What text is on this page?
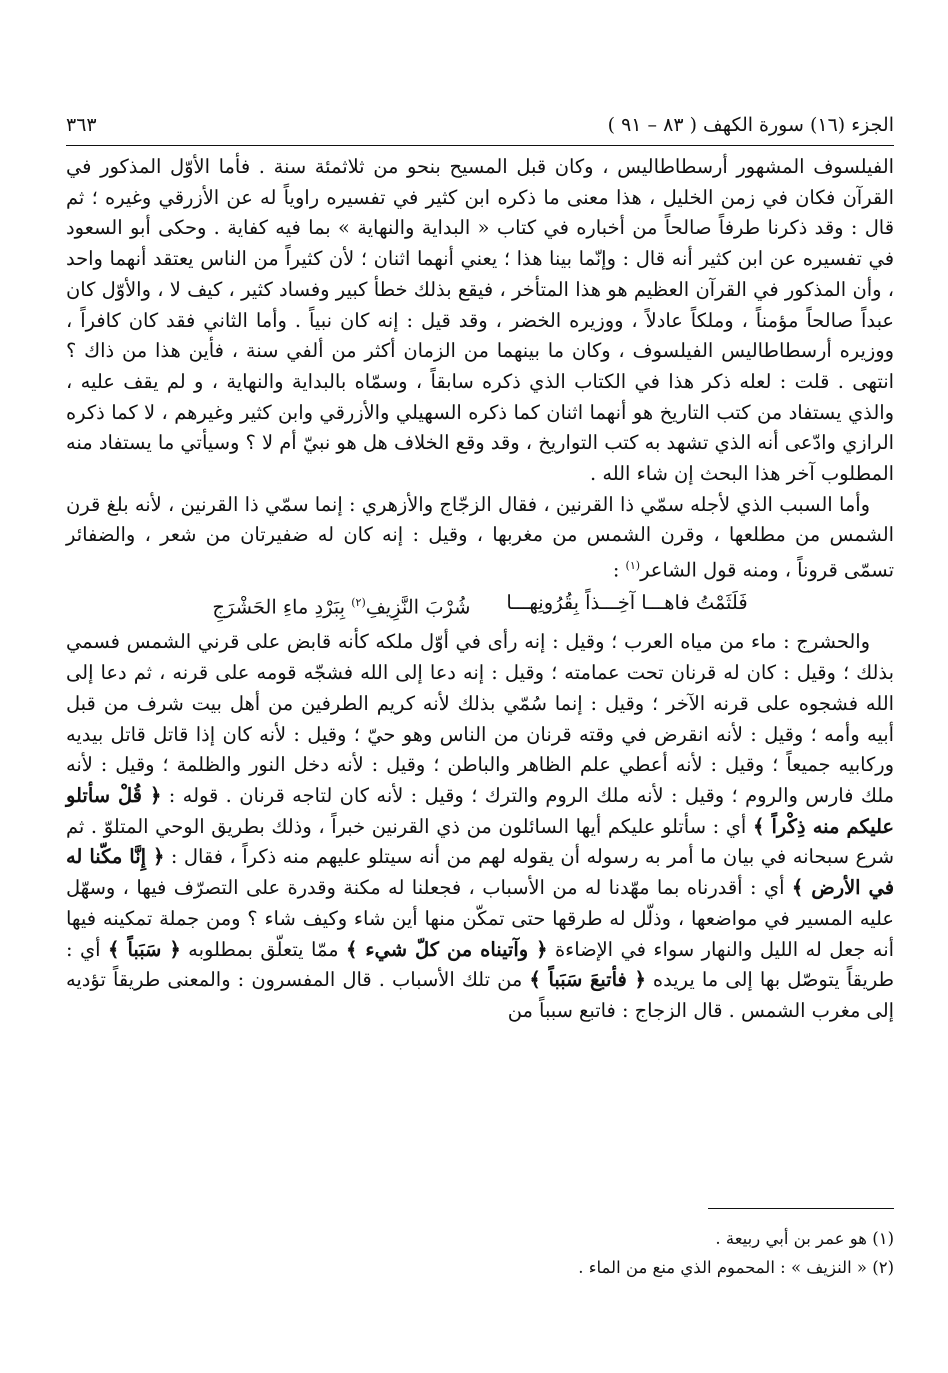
الجزء (١٦) سورة الكهف ( ٨٣ – ٩١ )
٣٦٣

الفيلسوف المشهور أرسطاطاليس ، وكان قبل المسيح بنحو من ثلاثمئة سنة . فأما الأوّل المذكور في القرآن فكان في زمن الخليل ، هذا معنى ما ذكره ابن كثير في تفسيره راوياً له عن الأزرقي وغيره ؛ ثم قال : وقد ذكرنا طرفاً صالحاً من أخباره في كتاب « البداية والنهاية » بما فيه كفاية . وحكى أبو السعود في تفسيره عن ابن كثير أنه قال : وإنّما بينا هذا ؛ يعني أنهما اثنان ؛ لأن كثيراً من الناس يعتقد أنهما واحد ، وأن المذكور في القرآن العظيم هو هذا المتأخر ، فيقع بذلك خطأ كبير وفساد كثير ، كيف لا ، والأوّل كان عبداً صالحاً مؤمناً ، وملكاً عادلاً ، ووزيره الخضر ، وقد قيل : إنه كان نبياً . وأما الثاني فقد كان كافراً ، ووزيره أرسطاطاليس الفيلسوف ، وكان ما بينهما من الزمان أكثر من ألفي سنة ، فأين هذا من ذاك ؟ انتهى . قلت : لعله ذكر هذا في الكتاب الذي ذكره سابقاً ، وسمّاه بالبداية والنهاية ، و لم يقف عليه ، والذي يستفاد من كتب التاريخ هو أنهما اثنان كما ذكره السهيلي والأزرقي وابن كثير وغيرهم ، لا كما ذكره الرازي وادّعى أنه الذي تشهد به كتب التواريخ ، وقد وقع الخلاف هل هو نبيّ أم لا ؟ وسيأتي ما يستفاد منه المطلوب آخر هذا البحث إن شاء الله .

وأما السبب الذي لأجله سمّي ذا القرنين ، فقال الزجّاج والأزهري : إنما سمّي ذا القرنين ، لأنه بلغ قرن الشمس من مطلعها ، وقرن الشمس من مغربها ، وقيل : إنه كان له ضفيرتان من شعر ، والضفائر تسمّى قروناً ، ومنه قول الشاعر$^{(١)}$ :

فَلَثَمْتُ فاهـــا آخِـــذاً بِقُرُونِهـــا
شُرْبَ النَّزِيفِ$^{(٢)}$ بِبَرْدِ ماءِ الحَشْرَجِ

والحشرج : ماء من مياه العرب ؛ وقيل : إنه رأى في أوّل ملكه كأنه قابض على قرني الشمس فسمي بذلك ؛ وقيل : كان له قرنان تحت عمامته ؛ وقيل : إنه دعا إلى الله فشجّه قومه على قرنه ، ثم دعا إلى الله فشجوه على قرنه الآخر ؛ وقيل : إنما سُمّي بذلك لأنه كريم الطرفين من أهل بيت شرف من قبل أبيه وأمه ؛ وقيل : لأنه انقرض في وقته قرنان من الناس وهو حيّ ؛ وقيل : لأنه كان إذا قاتل قاتل بيديه وركابيه جميعاً ؛ وقيل : لأنه أعطي علم الظاهر والباطن ؛ وقيل : لأنه دخل النور والظلمة ؛ وقيل : لأنه ملك فارس والروم ؛ وقيل : لأنه ملك الروم والترك ؛ وقيل : لأنه كان لتاجه قرنان . قوله : ﴿ قُلْ سأتلو عليكم منه ذِكْراً ﴾ أي : سأتلو عليكم أيها السائلون من ذي القرنين خبراً ، وذلك بطريق الوحي المتلوّ . ثم شرع سبحانه في بيان ما أمر به رسوله أن يقوله لهم من أنه سيتلو عليهم منه ذكراً ، فقال : ﴿ إِنَّا مكّنا له في الأرض ﴾ أي : أقدرناه بما مهّدنا له من الأسباب ، فجعلنا له مكنة وقدرة على التصرّف فيها ، وسهّل عليه المسير في مواضعها ، وذلّل له طرقها حتى تمكّن منها أين شاء وكيف شاء ؟ ومن جملة تمكينه فيها أنه جعل له الليل والنهار سواء في الإضاءة ﴿ وآتيناه من كلّ شيء ﴾ ممّا يتعلّق بمطلوبه ﴿ سَبَباً ﴾ أي : طريقاً يتوصّل بها إلى ما يريده ﴿ فأتبعَ سَبَباً ﴾ من تلك الأسباب . قال المفسرون : والمعنى طريقاً تؤديه إلى مغرب الشمس . قال الزجاج : فاتبع سبباً من

(١) هو عمر بن أبي ربيعة .
(٢) « النزيف » : المحموم الذي منع من الماء .
